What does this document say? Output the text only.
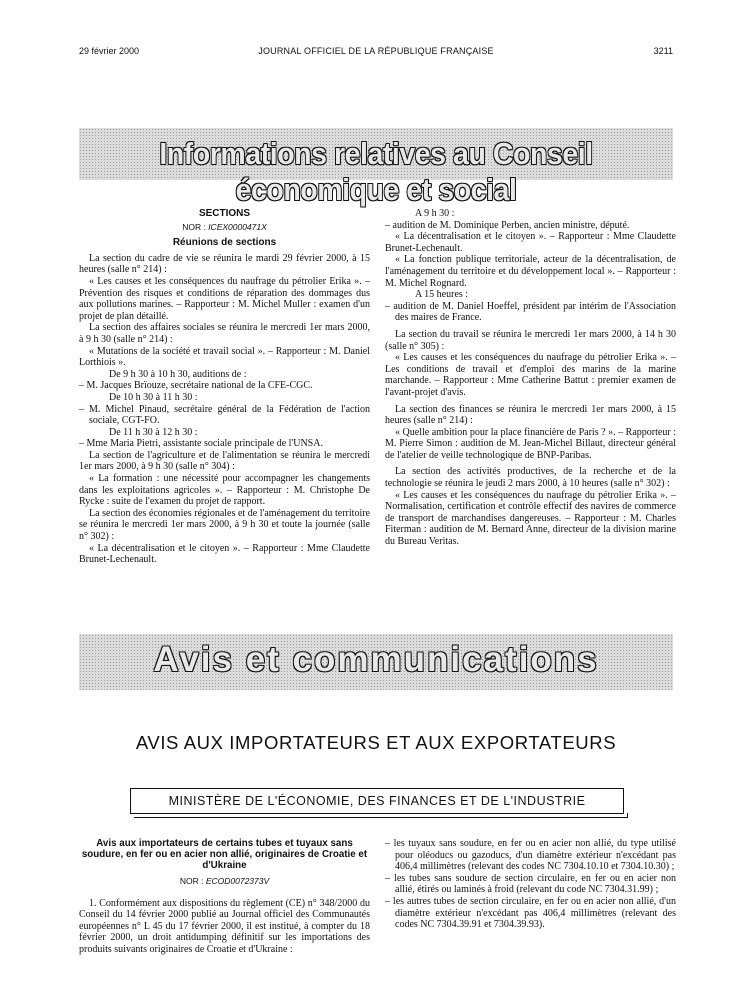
29 février 2000	JOURNAL OFFICIEL DE LA RÉPUBLIQUE FRANÇAISE	3211
Informations relatives au Conseil économique et social
SECTIONS
NOR : ICEX0000471X
Réunions de sections

La section du cadre de vie se réunira le mardi 29 février 2000, à 15 heures (salle n° 214) :

« Les causes et les conséquences du naufrage du pétrolier Erika ». – Prévention des risques et conditions de réparation des dommages dus aux pollutions marines. – Rapporteur : M. Michel Muller : examen d'un projet de plan détaillé.

La section des affaires sociales se réunira le mercredi 1er mars 2000, à 9 h 30 (salle n° 214) :

« Mutations de la société et travail social ». – Rapporteur : M. Daniel Lorthiois ».

De 9 h 30 à 10 h 30, auditions de :

– M. Jacques Brïouze, secrétaire national de la CFE-CGC.

De 10 h 30 à 11 h 30 :

– M. Michel Pinaud, secrétaire général de la Fédération de l'action sociale, CGT-FO.

De 11 h 30 à 12 h 30 :

– Mme Maria Pietri, assistante sociale principale de l'UNSA.

La section de l'agriculture et de l'alimentation se réunira le mercredi 1er mars 2000, à 9 h 30 (salle n° 304) :

« La formation : une nécessité pour accompagner les changements dans les exploitations agricoles ». – Rapporteur : M. Christophe De Rycke : suite de l'examen du projet de rapport.

La section des économies régionales et de l'aménagement du territoire se réunira le mercredi 1er mars 2000, à 9 h 30 et toute la journée (salle n° 302) :

« La décentralisation et le citoyen ». – Rapporteur : Mme Claudette Brunet-Lechenault.

A 9 h 30 :

– audition de M. Dominique Perben, ancien ministre, député.

« La décentralisation et le citoyen ». – Rapporteur : Mme Claudette Brunet-Lechenault.

« La fonction publique territoriale, acteur de la décentralisation, de l'aménagement du territoire et du développement local ». – Rapporteur : M. Michel Rognard.

A 15 heures :

– audition de M. Daniel Hoeffel, président par intérim de l'Association des maires de France.

La section du travail se réunira le mercredi 1er mars 2000, à 14 h 30 (salle n° 305) :

« Les causes et les conséquences du naufrage du pétrolier Erika ». – Les conditions de travail et d'emploi des marins de la marine marchande. – Rapporteur : Mme Catherine Battut : premier examen de l'avant-projet d'avis.

La section des finances se réunira le mercredi 1er mars 2000, à 15 heures (salle n° 214) :

« Quelle ambition pour la place financière de Paris ? ». – Rapporteur : M. Pierre Simon : audition de M. Jean-Michel Billaut, directeur général de l'atelier de veille technologique de BNP-Paribas.

La section des activités productives, de la recherche et de la technologie se réunira le jeudi 2 mars 2000, à 10 heures (salle n° 302) :

« Les causes et les conséquences du naufrage du pétrolier Erika ». – Normalisation, certification et contrôle effectif des navires de commerce de transport de marchandises dangereuses. – Rapporteur : M. Charles Fiterman : audition de M. Bernard Anne, directeur de la division marine du Bureau Veritas.

Avis et communications
AVIS AUX IMPORTATEURS ET AUX EXPORTATEURS
MINISTÈRE DE L'ÉCONOMIE, DES FINANCES ET DE L'INDUSTRIE
Avis aux importateurs de certains tubes et tuyaux sans soudure, en fer ou en acier non allié, originaires de Croatie et d'Ukraine
NOR : ECOD0072373V

1. Conformément aux dispositions du règlement (CE) n° 348/2000 du Conseil du 14 février 2000 publié au Journal officiel des Communautés européennes n° L 45 du 17 février 2000, il est institué, à compter du 18 février 2000, un droit antidumping définitif sur les importations des produits suivants originaires de Croatie et d'Ukraine :

– les tuyaux sans soudure, en fer ou en acier non allié, du type utilisé pour oléoducs ou gazoducs, d'un diamètre extérieur n'excédant pas 406,4 millimètres (relevant des codes NC 7304.10.10 et 7304.10.30) ;

– les tubes sans soudure de section circulaire, en fer ou en acier non allié, étirés ou laminés à froid (relevant du code NC 7304.31.99) ;

– les autres tubes de section circulaire, en fer ou en acier non allié, d'un diamètre extérieur n'excédant pas 406,4 millimètres (relevant des codes NC 7304.39.91 et 7304.39.93).
